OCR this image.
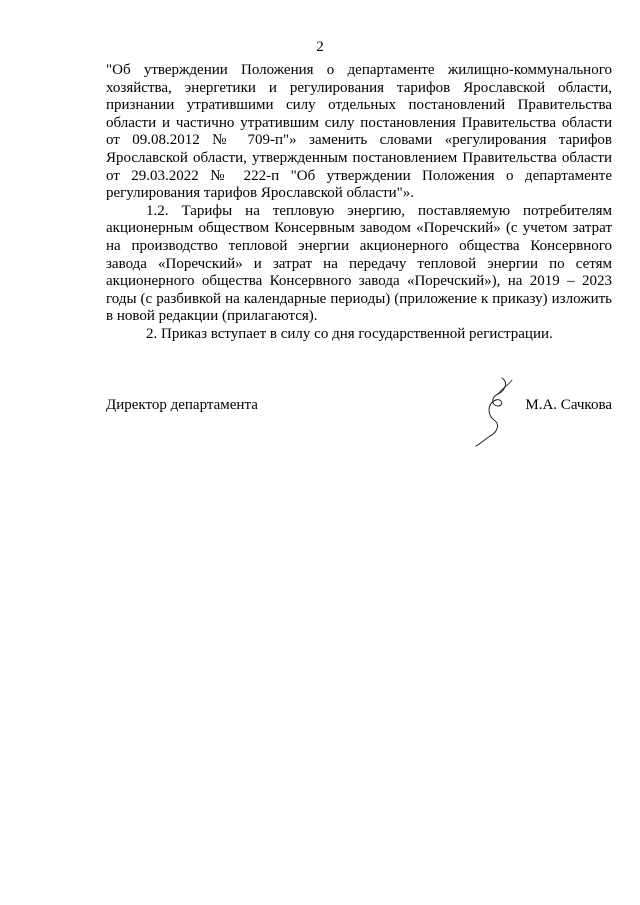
2

"Об утверждении Положения о департаменте жилищно-коммунального хозяйства, энергетики и регулирования тарифов Ярославской области, признании утратившими силу отдельных постановлений Правительства области и частично утратившим силу постановления Правительства области от 09.08.2012 № 709-п"» заменить словами «регулирования тарифов Ярославской области, утвержденным постановлением Правительства области от 29.03.2022 № 222-п "Об утверждении Положения о департаменте регулирования тарифов Ярославской области"».

1.2. Тарифы на тепловую энергию, поставляемую потребителям акционерным обществом Консервным заводом «Поречский» (с учетом затрат на производство тепловой энергии акционерного общества Консервного завода «Поречский» и затрат на передачу тепловой энергии по сетям акционерного общества Консервного завода «Поречский»), на 2019 – 2023 годы (с разбивкой на календарные периоды) (приложение к приказу) изложить в новой редакции (прилагаются).

2. Приказ вступает в силу со дня государственной регистрации.

Директор департамента	М.А. Сачкова
